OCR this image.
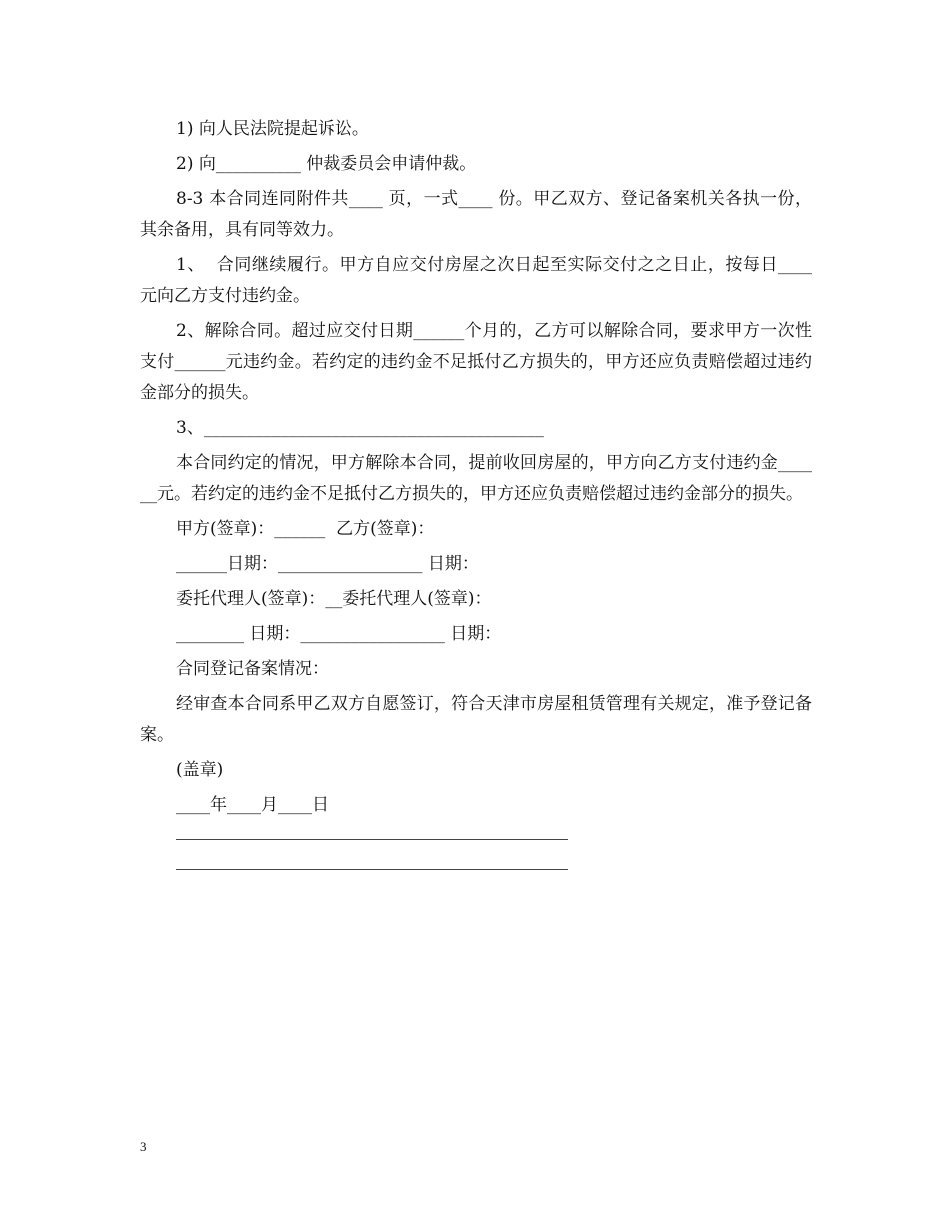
1) 向人民法院提起诉讼。

2) 向__________ 仲裁委员会申请仲裁。

8-3 本合同连同附件共____ 页，一式____ 份。甲乙双方、登记备案机关各执一份，其余备用，具有同等效力。

1、  合同继续履行。甲方自应交付房屋之次日起至实际交付之之日止，按每日____ 元向乙方支付违约金。

2、解除合同。超过应交付日期______个月的，乙方可以解除合同，要求甲方一次性支付______元违约金。若约定的违约金不足抵付乙方损失的，甲方还应负责赔偿超过违约金部分的损失。

3、________________________________________

本合同约定的情况，甲方解除本合同，提前收回房屋的，甲方向乙方支付违约金______元。若约定的违约金不足抵付乙方损失的，甲方还应负责赔偿超过违约金部分的损失。

甲方(签章)：______  乙方(签章)：

______日期：_________________ 日期：

委托代理人(签章)：__委托代理人(签章)：

________ 日期：_________________ 日期：

合同登记备案情况：

经审查本合同系甲乙双方自愿签订，符合天津市房屋租赁管理有关规定，准予登记备案。

(盖章)

____年____月____日

3
